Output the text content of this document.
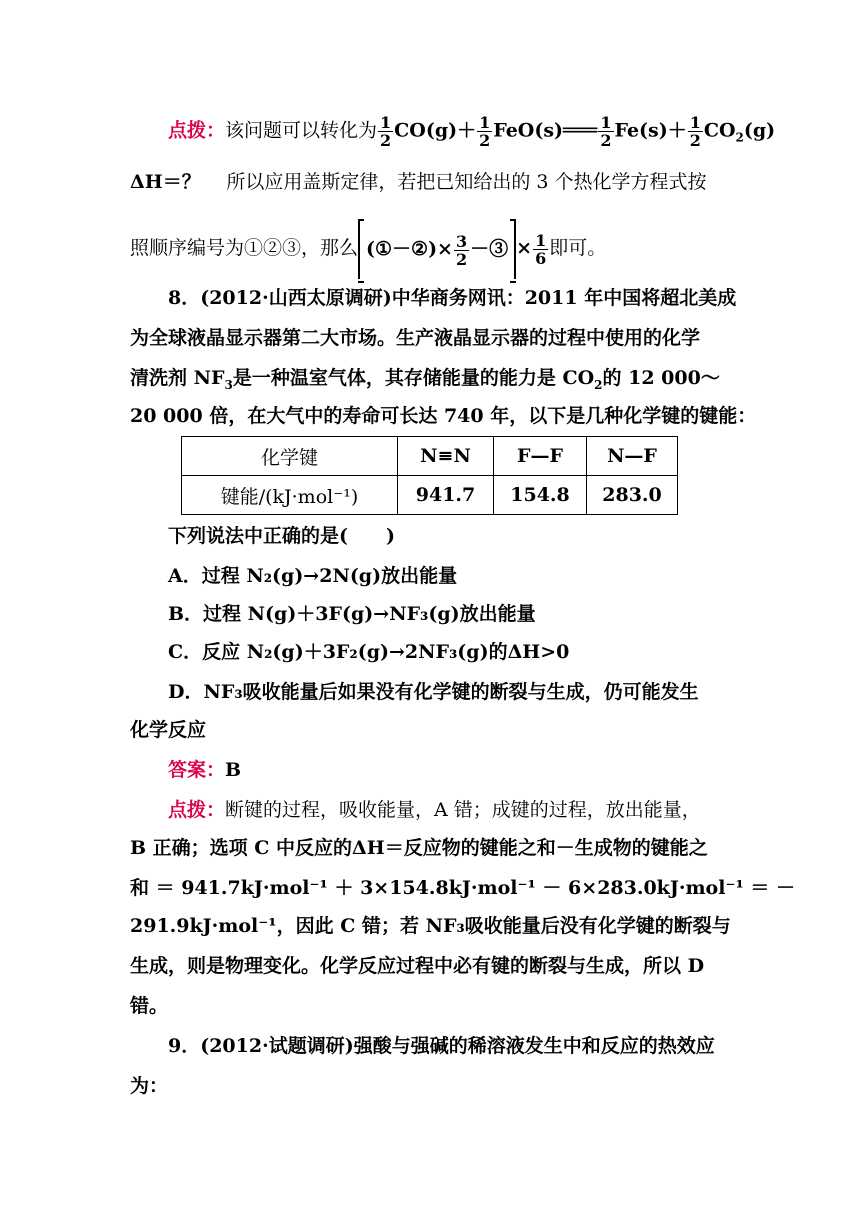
点拨：该问题可以转化为 $\frac{1}{2} CO(g)+ \frac{1}{2}$ FeO(s)═══ $\frac{1}{2} Fe(s)+ \frac{1}{2} CO_2(g)$
ΔH＝？　 所以应用盖斯定律，若把已知给出的 3 个热化学方程式按
照顺序编号为①②③，那么 (①－②)× $\frac{3}{2}$ －③ × $\frac{1}{6}$ 即可。
8．(2012·山西太原调研)中华商务网讯：2011 年中国将超北美成
为全球液晶显示器第二大市场。生产液晶显示器的过程中使用的化学
清洗剂 $NF_3$是一种温室气体，其存储能量的能力是 $CO_2$的 12 000～
20 000 倍，在大气中的寿命可长达 740 年，以下是几种化学键的键能：
化学键	N≡N	F—F	N—F
键能/(kJ·mol⁻¹)	941.7	154.8	283.0
下列说法中正确的是(　　)
A．过程 N₂(g)→2N(g)放出能量
B．过程 N(g)＋3F(g)→NF₃(g)放出能量
C．反应 N₂(g)＋3F₂(g)→2NF₃(g)的ΔH>0
D．NF₃吸收能量后如果没有化学键的断裂与生成，仍可能发生
化学反应
答案：B
点拨：断键的过程，吸收能量，A 错；成键的过程，放出能量，
B 正确；选项 C 中反应的ΔH＝反应物的键能之和－生成物的键能之
和 ＝ 941.7kJ·mol⁻¹ ＋ 3×154.8kJ·mol⁻¹ － 6×283.0kJ·mol⁻¹ ＝ －
291.9kJ·mol⁻¹，因此 C 错；若 NF₃吸收能量后没有化学键的断裂与
生成，则是物理变化。化学反应过程中必有键的断裂与生成，所以 D
错。
9．(2012·试题调研)强酸与强碱的稀溶液发生中和反应的热效应
为：
